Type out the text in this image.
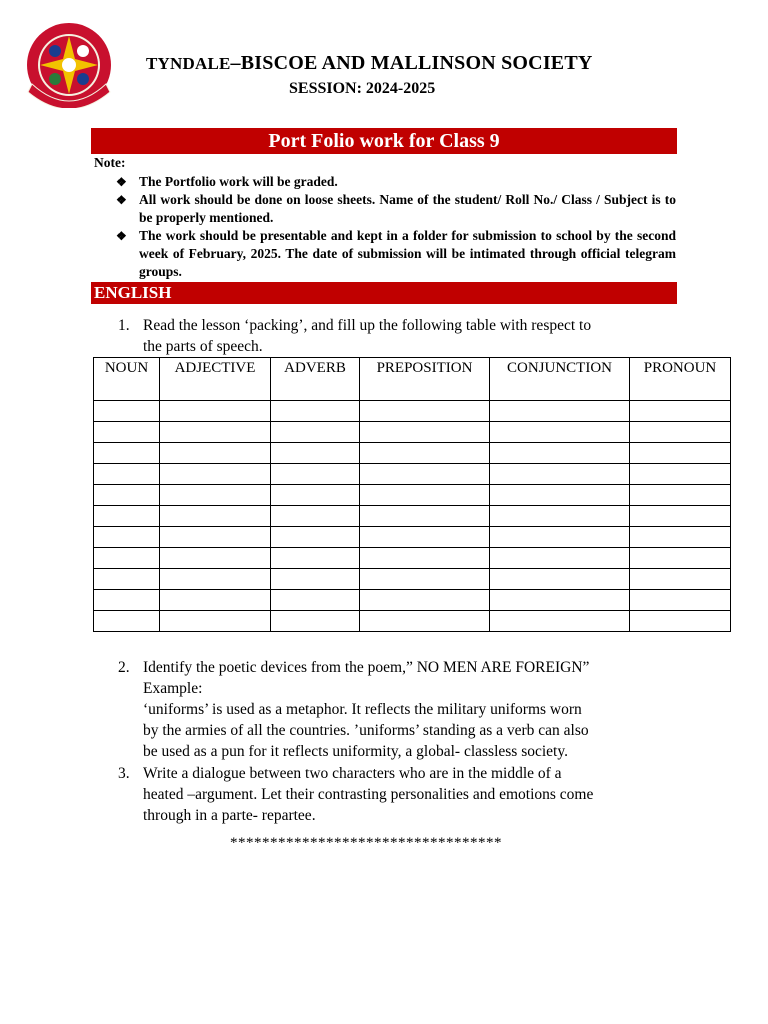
TYNDALE–BISCOE AND MALLINSON SOCIETY
SESSION: 2024-2025
Port Folio work for Class 9
Note:
❖ The Portfolio work will be graded.
❖ All work should be done on loose sheets. Name of the student/ Roll No./ Class / Subject is to be properly mentioned.
❖ The work should be presentable and kept in a folder for submission to school by the second week of February, 2025. The date of submission will be intimated through official telegram groups.
ENGLISH
1. Read the lesson ‘packing’, and fill up the following table with respect to
the parts of speech.
NOUN	ADJECTIVE	ADVERB	PREPOSITION	CONJUNCTION	PRONOUN

2. Identify the poetic devices from the poem,” NO MEN ARE FOREIGN”
Example:
‘uniforms’ is used as a metaphor. It reflects the military uniforms worn
by the armies of all the countries. ’uniforms’ standing as a verb can also
be used as a pun for it reflects uniformity, a global- classless society.
3. Write a dialogue between two characters who are in the middle of a
heated –argument. Let their contrasting personalities and emotions come
through in a parte- repartee.
**********************************
